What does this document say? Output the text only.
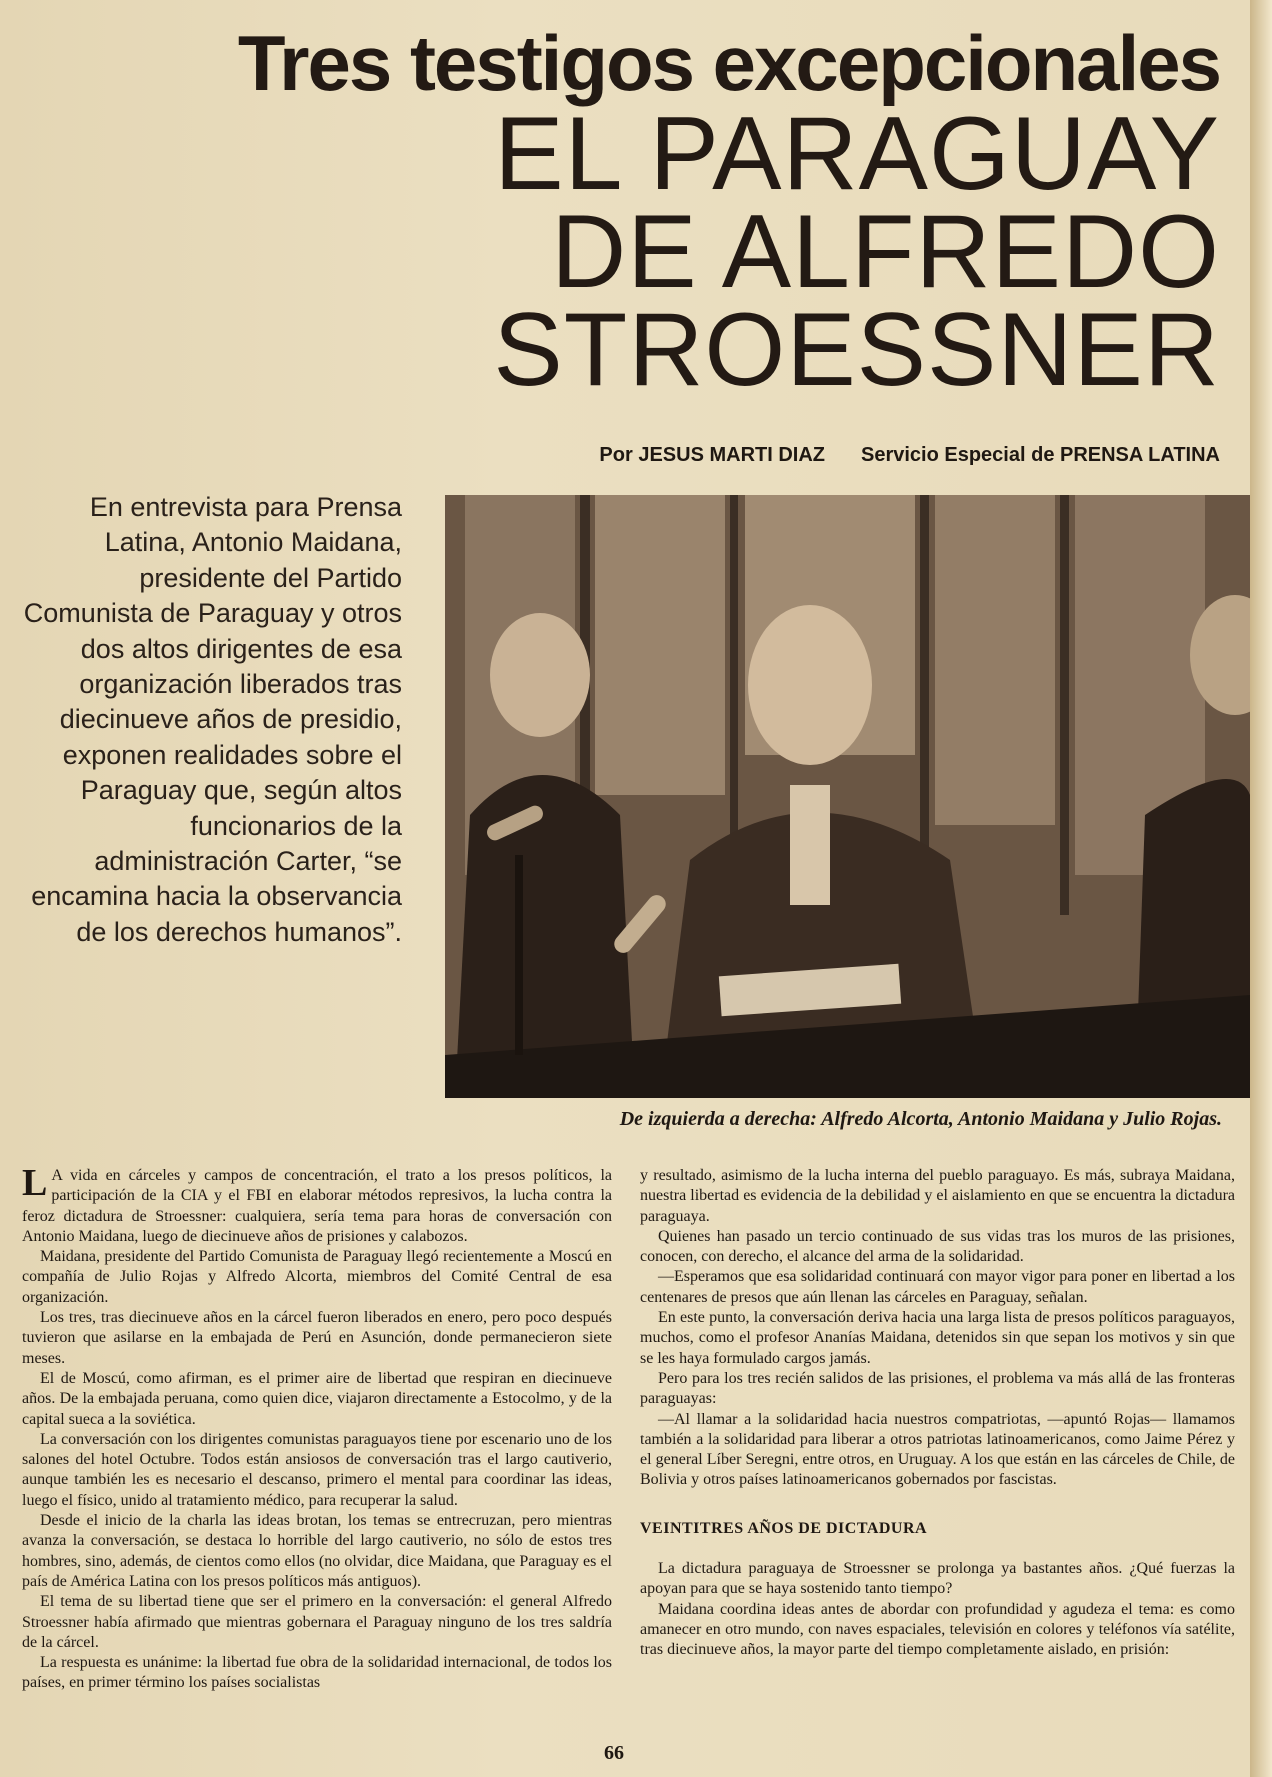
Tres testigos excepcionales
EL PARAGUAY
DE ALFREDO
STROESSNER
Por JESUS MARTI DIAZ Servicio Especial de PRENSA LATINA

En entrevista para Prensa Latina, Antonio Maidana, presidente del Partido Comunista de Paraguay y otros dos altos dirigentes de esa organización liberados tras diecinueve años de presidio, exponen realidades sobre el Paraguay que, según altos funcionarios de la administración Carter, “se encamina hacia la observancia de los derechos humanos”.

De izquierda a derecha: Alfredo Alcorta, Antonio Maidana y Julio Rojas.

L A vida en cárceles y campos de concentración, el trato a los presos políticos, la participación de la CIA y el FBI en elaborar métodos represivos, la lucha contra la feroz dictadura de Stroessner: cualquiera, sería tema para horas de conversación con Antonio Maidana, luego de diecinueve años de prisiones y calabozos.

Maidana, presidente del Partido Comunista de Paraguay llegó recientemente a Moscú en compañía de Julio Rojas y Alfredo Alcorta, miembros del Comité Central de esa organización.

Los tres, tras diecinueve años en la cárcel fueron liberados en enero, pero poco después tuvieron que asilarse en la embajada de Perú en Asunción, donde permanecieron siete meses.

El de Moscú, como afirman, es el primer aire de libertad que respiran en diecinueve años. De la embajada peruana, como quien dice, viajaron directamente a Estocolmo, y de la capital sueca a la soviética.

La conversación con los dirigentes comunistas paraguayos tiene por escenario uno de los salones del hotel Octubre. Todos están ansiosos de conversación tras el largo cautiverio, aunque también les es necesario el descanso, primero el mental para coordinar las ideas, luego el físico, unido al tratamiento médico, para recuperar la salud.

Desde el inicio de la charla las ideas brotan, los temas se entrecruzan, pero mientras avanza la conversación, se destaca lo horrible del largo cautiverio, no sólo de estos tres hombres, sino, además, de cientos como ellos (no olvidar, dice Maidana, que Paraguay es el país de América Latina con los presos políticos más antiguos).

El tema de su libertad tiene que ser el primero en la conversación: el general Alfredo Stroessner había afirmado que mientras gobernara el Paraguay ninguno de los tres saldría de la cárcel.

La respuesta es unánime: la libertad fue obra de la solidaridad internacional, de todos los países, en primer término los países socialistas

y resultado, asimismo de la lucha interna del pueblo paraguayo. Es más, subraya Maidana, nuestra libertad es evidencia de la debilidad y el aislamiento en que se encuentra la dictadura paraguaya.

Quienes han pasado un tercio continuado de sus vidas tras los muros de las prisiones, conocen, con derecho, el alcance del arma de la solidaridad.

—Esperamos que esa solidaridad continuará con mayor vigor para poner en libertad a los centenares de presos que aún llenan las cárceles en Paraguay, señalan.

En este punto, la conversación deriva hacia una larga lista de presos políticos paraguayos, muchos, como el profesor Ananías Maidana, detenidos sin que sepan los motivos y sin que se les haya formulado cargos jamás.

Pero para los tres recién salidos de las prisiones, el problema va más allá de las fronteras paraguayas:

—Al llamar a la solidaridad hacia nuestros compatriotas, —apuntó Rojas— llamamos también a la solidaridad para liberar a otros patriotas latinoamericanos, como Jaime Pérez y el general Líber Seregni, entre otros, en Uruguay. A los que están en las cárceles de Chile, de Bolivia y otros países latinoamericanos gobernados por fascistas.

VEINTITRES AÑOS DE DICTADURA

La dictadura paraguaya de Stroessner se prolonga ya bastantes años. ¿Qué fuerzas la apoyan para que se haya sostenido tanto tiempo?

Maidana coordina ideas antes de abordar con profundidad y agudeza el tema: es como amanecer en otro mundo, con naves espaciales, televisión en colores y teléfonos vía satélite, tras diecinueve años, la mayor parte del tiempo completamente aislado, en prisión:

66
